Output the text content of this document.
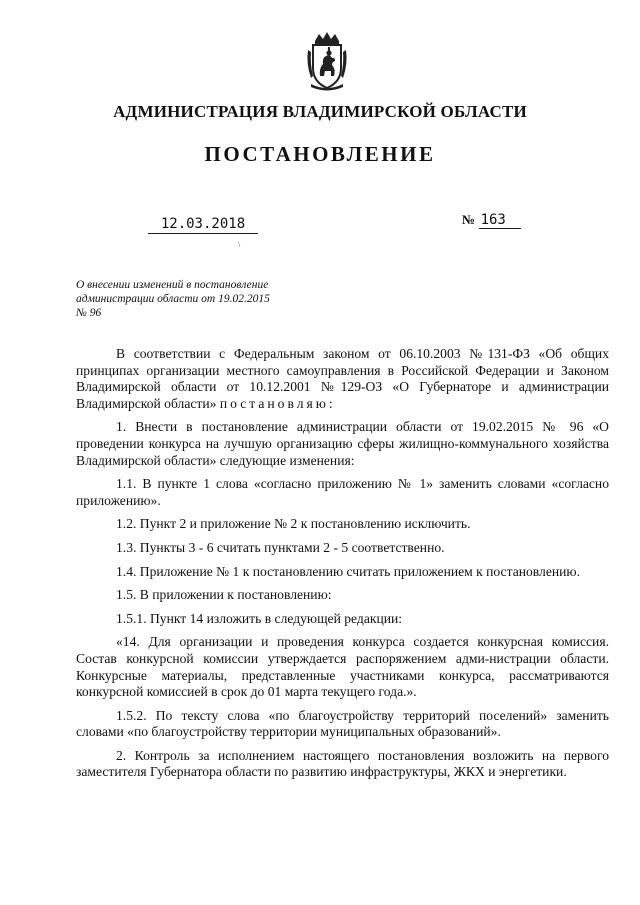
АДМИНИСТРАЦИЯ ВЛАДИМИРСКОЙ ОБЛАСТИ
ПОСТАНОВЛЕНИЕ
12.03.2018
\
№ 163
О внесении изменений в постановление
администрации области от 19.02.2015
№ 96

В соответствии с Федеральным законом от 06.10.2003 №131-ФЗ «Об общих принципах организации местного самоуправления в Российской Федерации и Законом Владимирской области от 10.12.2001 №129-ОЗ «О Губернаторе и администрации Владимирской области» постановляю:

1. Внести в постановление администрации области от 19.02.2015 № 96 «О проведении конкурса на лучшую организацию сферы жилищно-коммунального хозяйства Владимирской области» следующие изменения:

1.1. В пункте 1 слова «согласно приложению № 1» заменить словами «согласно приложению».

1.2. Пункт 2 и приложение № 2 к постановлению исключить.

1.3. Пункты 3 - 6 считать пунктами 2 - 5 соответственно.

1.4. Приложение № 1 к постановлению считать приложением к постановлению.

1.5. В приложении к постановлению:

1.5.1. Пункт 14 изложить в следующей редакции:

«14. Для организации и проведения конкурса создается конкурсная комиссия. Состав конкурсной комиссии утверждается распоряжением адми-нистрации области. Конкурсные материалы, представленные участниками конкурса, рассматриваются конкурсной комиссией в срок до 01 марта текущего года.».

1.5.2. По тексту слова «по благоустройству территорий поселений» заменить словами «по благоустройству территории муниципальных образований».

2. Контроль за исполнением настоящего постановления возложить на первого заместителя Губернатора области по развитию инфраструктуры, ЖКХ и энергетики.
